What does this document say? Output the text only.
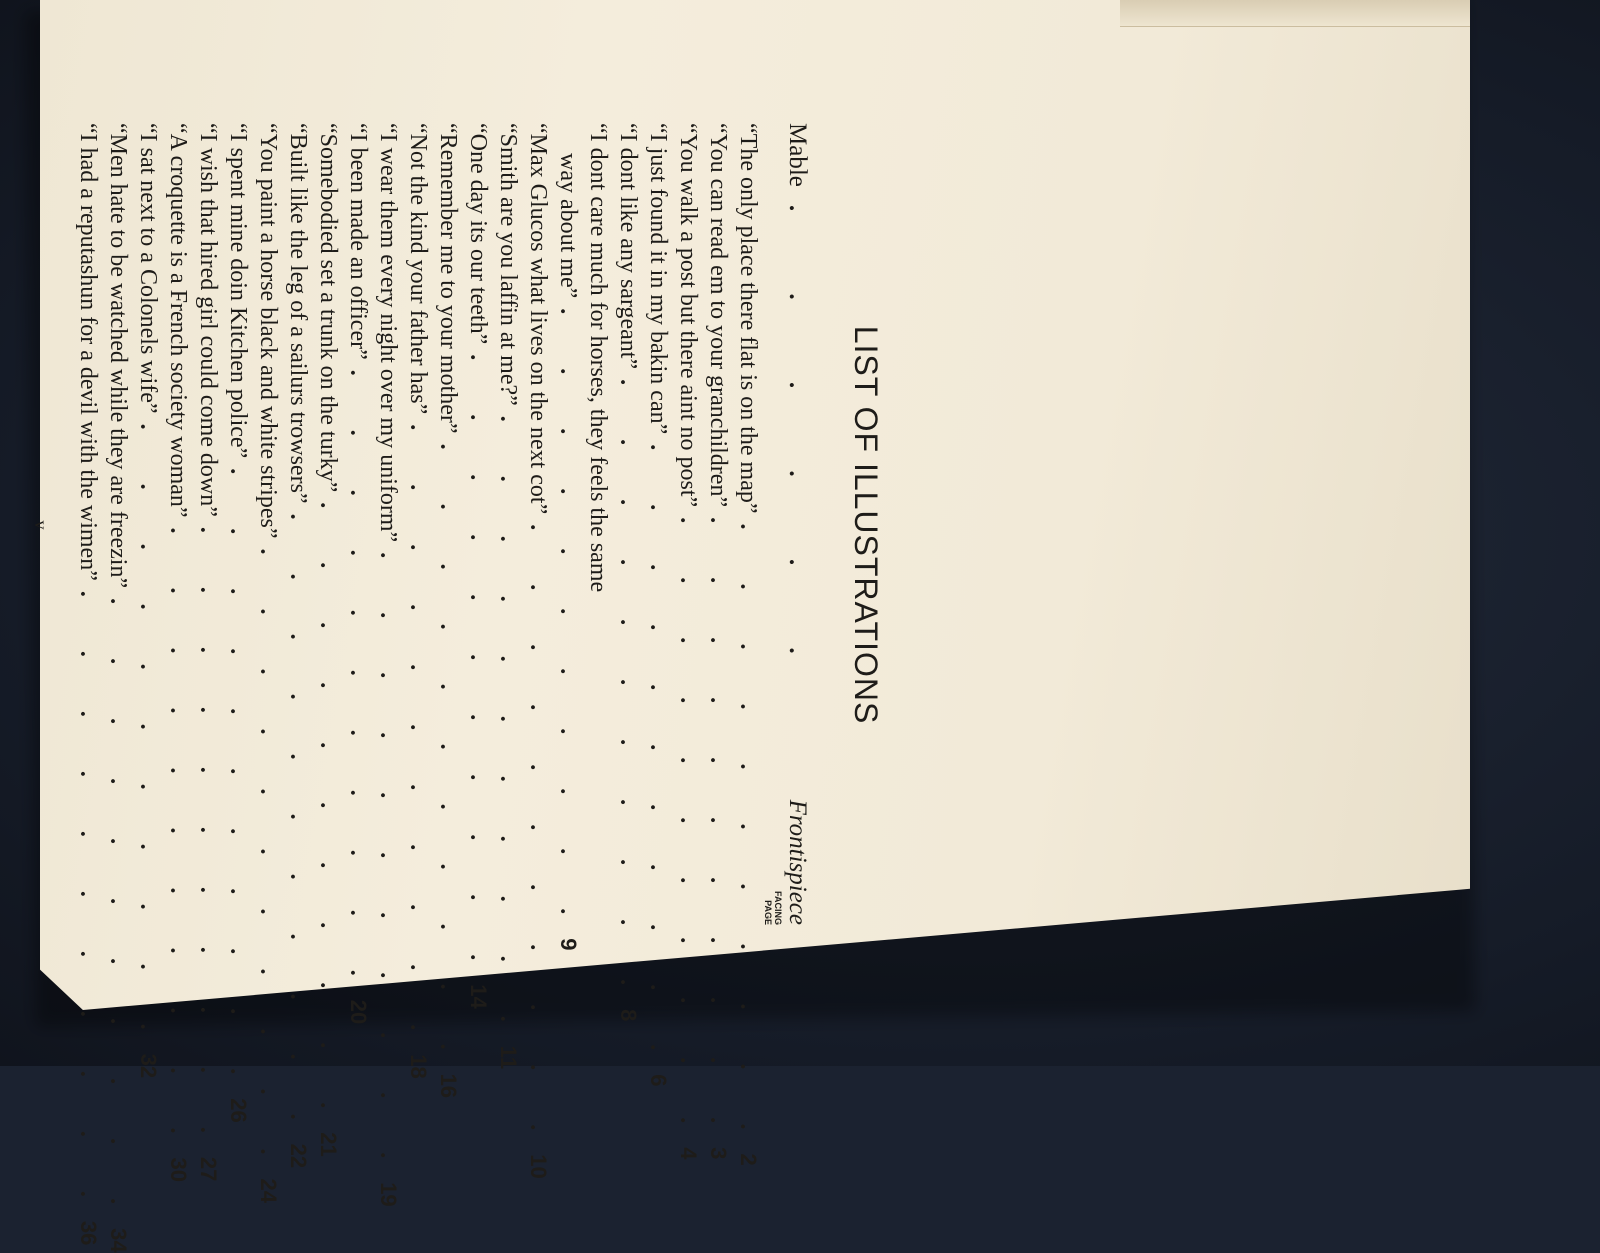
LIST OF ILLUSTRATIONS
Mable
. . . . . .
Frontispiece
FACING
PAGE
“The only place there flat is on the map”
. . . . . . . . . . .
2
“You can read em to your granchildren”
. . . . . . . . . . .
3
“You walk a post but there aint no post”
. . . . . . . . . . .
4
“I just found it in my bakin can”
. . . . . . . . . . .
6
“I dont like any sargeant”
. . . . . . . . . . .
8
“I dont care much for horses, they feels the same
way about me”
. . . . . . . . . . .
9
“Max Glucos what lives on the next cot”
. . . . . . . . . . .
10
“Smith are you laffin at me?”
. . . . . . . . . . .
11
“One day its our teeth”
. . . . . . . . . . .
14
“Remember me to your mother”
. . . . . . . . . . .
16
“Not the kind your father has”
. . . . . . . . . . .
18
“I wear them every night over my uniform”
. . . . . . . . . . .
19
“I been made an officer”
. . . . . . . . . . .
20
“Somebodied set a trunk on the turky”
. . . . . . . . . . .
21
“Built like the leg of a sailurs trowsers”
. . . . . . . . . . .
22
“You paint a horse black and white stripes”
. . . . . . . . . . .
24
“I spent mine doin Kitchen police”
. . . . . . . . . . .
26
“I wish that hired girl could come down”
. . . . . . . . . . .
27
“A croquette is a French society woman”
. . . . . . . . . . .
30
“I sat next to a Colonels wife”
. . . . . . . . . . .
32
“Men hate to be watched while they are freezin”
. . . . . . . . . . .
34
“I had a reputashun for a devil with the wimen”
. . . . . . . . . . .
36
v
